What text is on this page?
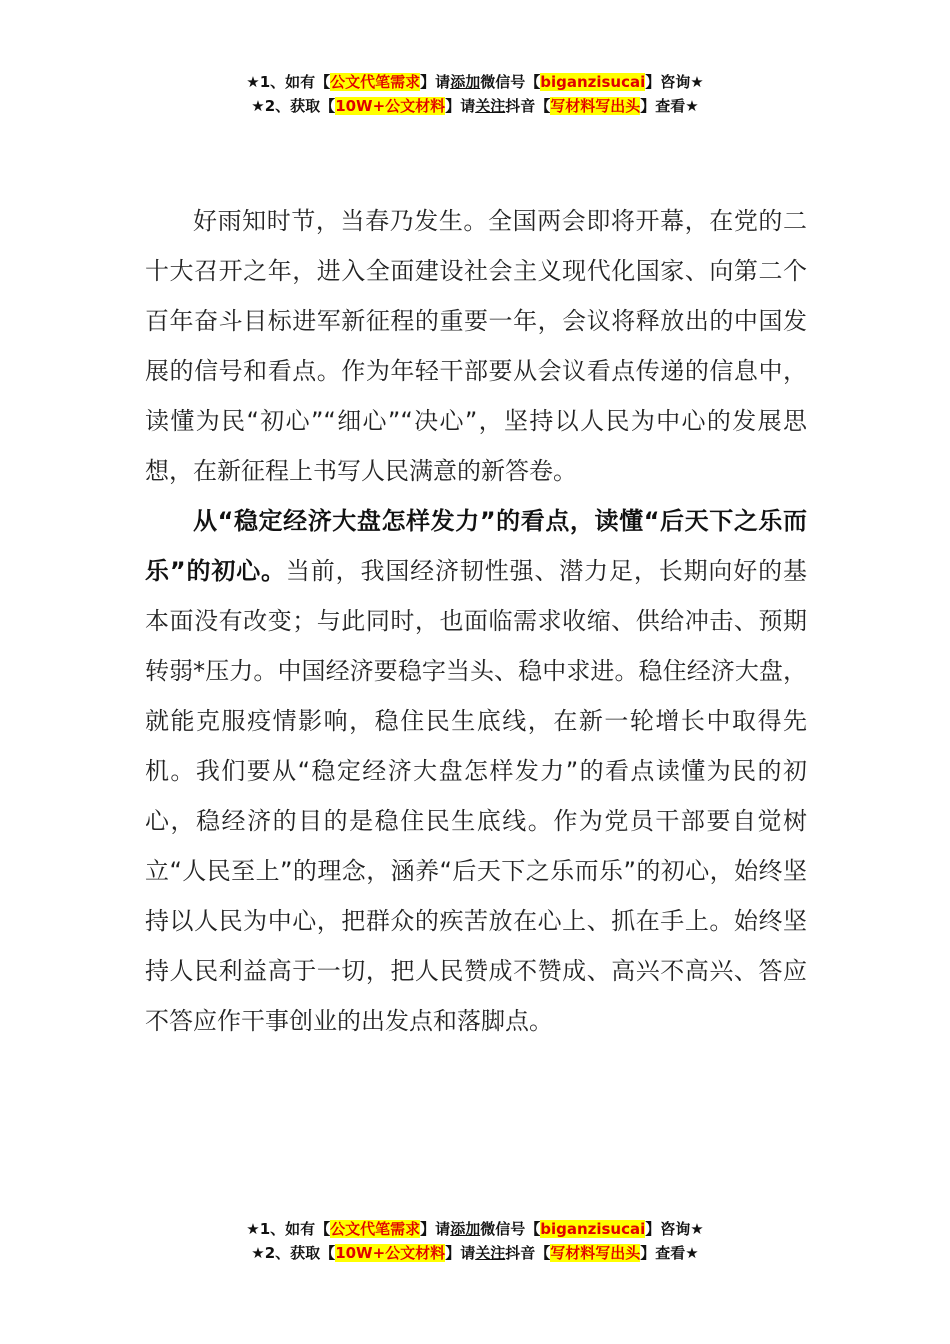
★1、如有【公文代笔需求】请添加微信号【biganzisucai】咨询★
★2、获取【10W+公文材料】请关注抖音【写材料写出头】查看★

好雨知时节，当春乃发生。全国两会即将开幕，在党的二十大召开之年，进入全面建设社会主义现代化国家、向第二个百年奋斗目标进军新征程的重要一年，会议将释放出的中国发展的信号和看点。作为年轻干部要从会议看点传递的信息中，读懂为民“初心”“细心”“决心”，坚持以人民为中心的发展思想，在新征程上书写人民满意的新答卷。

从“稳定经济大盘怎样发力”的看点，读懂“后天下之乐而乐”的初心。当前，我国经济韧性强、潜力足，长期向好的基本面没有改变；与此同时，也面临需求收缩、供给冲击、预期转弱*压力。中国经济要稳字当头、稳中求进。稳住经济大盘，就能克服疫情影响，稳住民生底线，在新一轮增长中取得先机。我们要从“稳定经济大盘怎样发力”的看点读懂为民的初心，稳经济的目的是稳住民生底线。作为党员干部要自觉树立“人民至上”的理念，涵养“后天下之乐而乐”的初心，始终坚持以人民为中心，把群众的疾苦放在心上、抓在手上。始终坚持人民利益高于一切，把人民赞成不赞成、高兴不高兴、答应不答应作干事创业的出发点和落脚点。

★1、如有【公文代笔需求】请添加微信号【biganzisucai】咨询★
★2、获取【10W+公文材料】请关注抖音【写材料写出头】查看★
